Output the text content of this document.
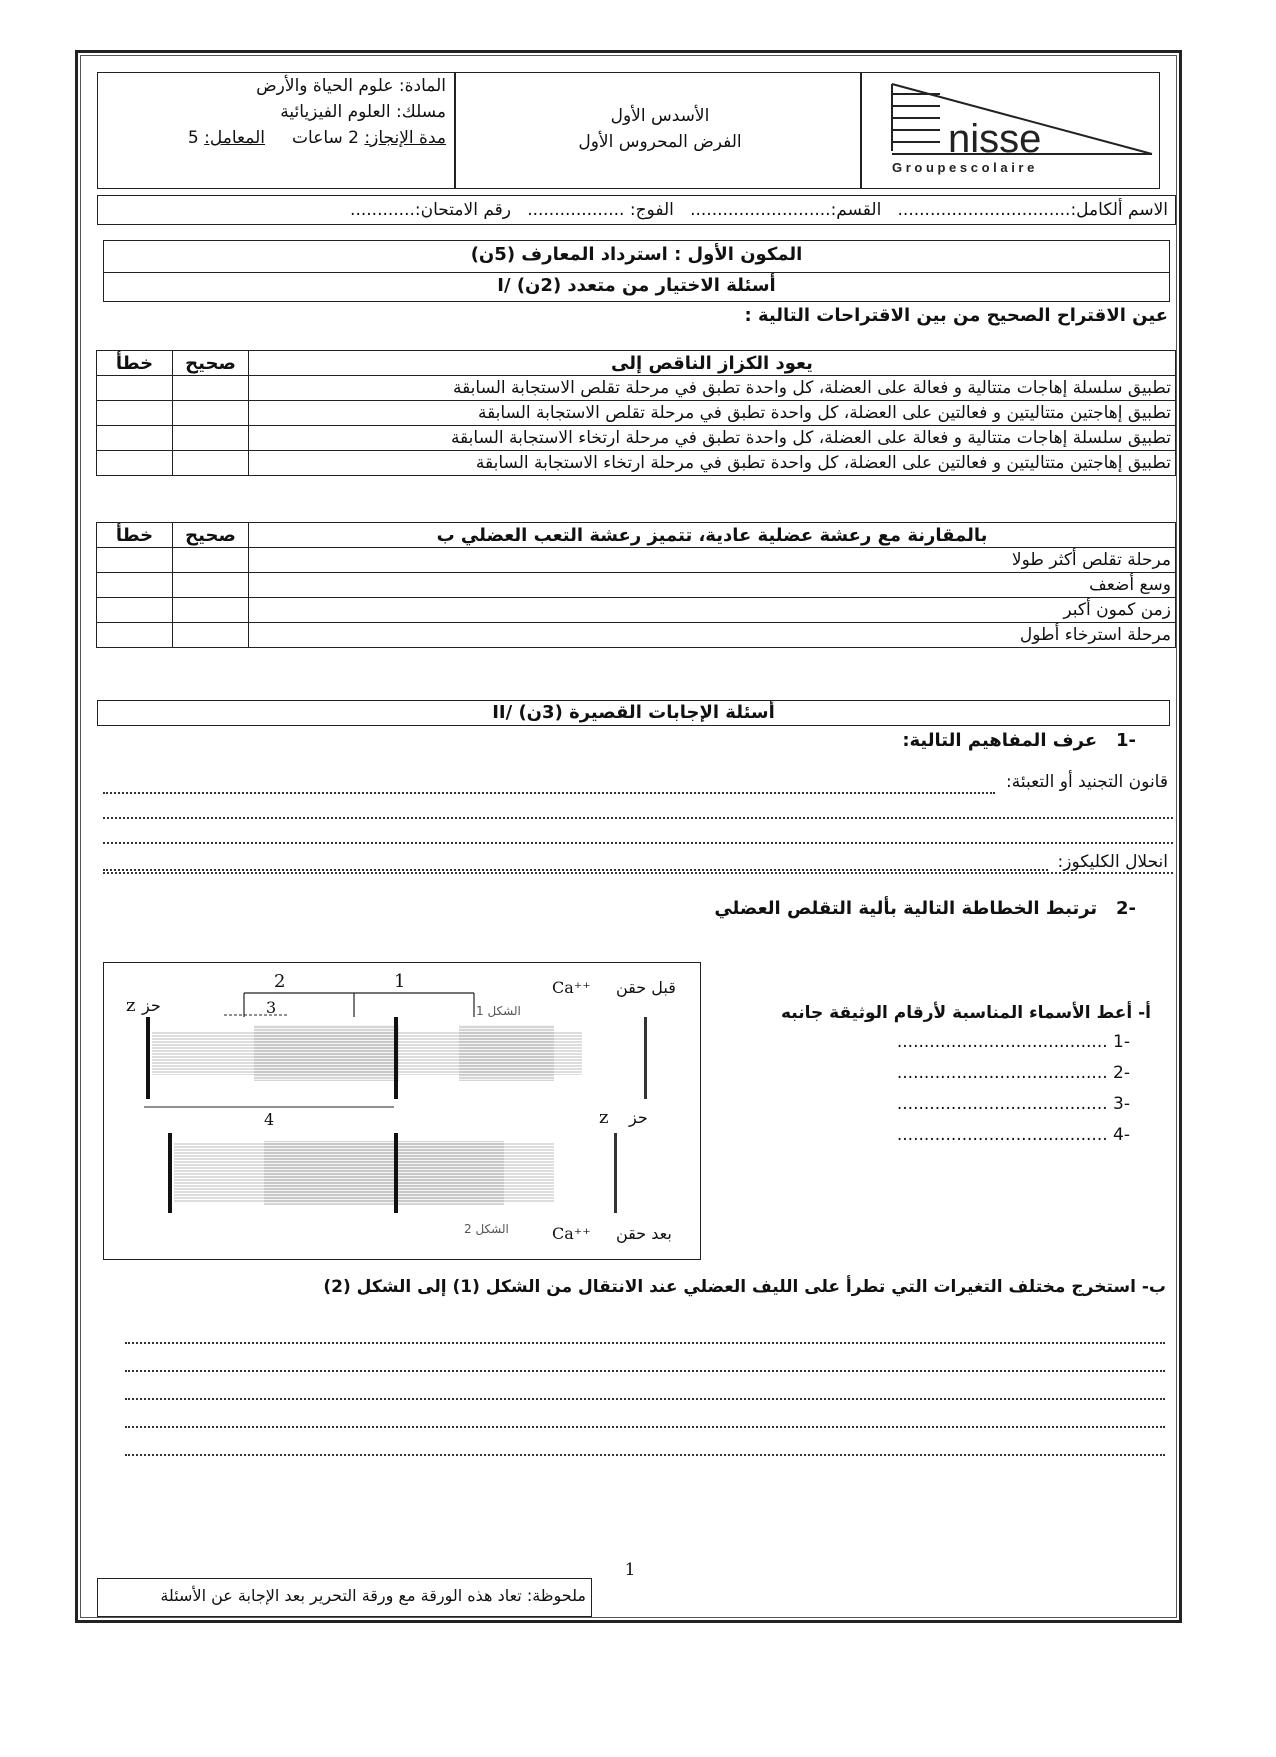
المادة: علوم الحياة والأرض
مسلك: العلوم الفيزيائية
مدة الإنجاز: 2 ساعات     المعامل: 5
الأسدس الأول
الفرض المحروس الأول	nisse
G r o u p e s c o l a i r e
الاسم ألكامل:................................   القسم:..........................   الفوج: ..................   رقم الامتحان:............
المكون الأول : استرداد المعارف (5ن)
I/ أسئلة الاختيار من متعدد (2ن)
عين الاقتراح الصحيح من بين الاقتراحات التالية :
يعود الكزاز الناقص إلى	صحيح	خطأ
تطبيق سلسلة إهاجات متتالية و فعالة على العضلة، كل واحدة تطبق في مرحلة تقلص الاستجابة السابقة		
تطبيق إهاجتين متتاليتين و فعالتين على العضلة، كل واحدة تطبق في مرحلة تقلص الاستجابة السابقة		
تطبيق سلسلة إهاجات متتالية و فعالة على العضلة، كل واحدة تطبق في مرحلة ارتخاء الاستجابة السابقة		
تطبيق إهاجتين متتاليتين و فعالتين على العضلة، كل واحدة تطبق في مرحلة ارتخاء الاستجابة السابقة		
بالمقارنة مع رعشة عضلية عادية، تتميز رعشة التعب العضلي ب	صحيح	خطأ
مرحلة تقلص أكثر طولا		
وسع أضعف		
زمن كمون أكبر		
مرحلة استرخاء أطول		
II/ أسئلة الإجابات القصيرة (3ن)
-1   عرف المفاهيم التالية:
قانون التجنيد أو التعبئة:
انحلال الكليكوز:
-2   ترتبط الخطاطة التالية بألية التقلص العضلي
2	1
3
4
z حز
z حز
Ca⁺⁺ قبل حقن
الشكل 1
Ca⁺⁺ بعد حقن
الشكل 2
أ- أعط الأسماء المناسبة لأرقام الوثيقة جانبه
-1 .......................................
-2 .......................................
-3 .......................................
-4 .......................................
ب- استخرج مختلف التغيرات التي تطرأ على الليف العضلي عند الانتقال من الشكل (1) إلى الشكل (2)
1
ملحوظة: تعاد هذه الورقة مع ورقة التحرير بعد الإجابة عن الأسئلة
